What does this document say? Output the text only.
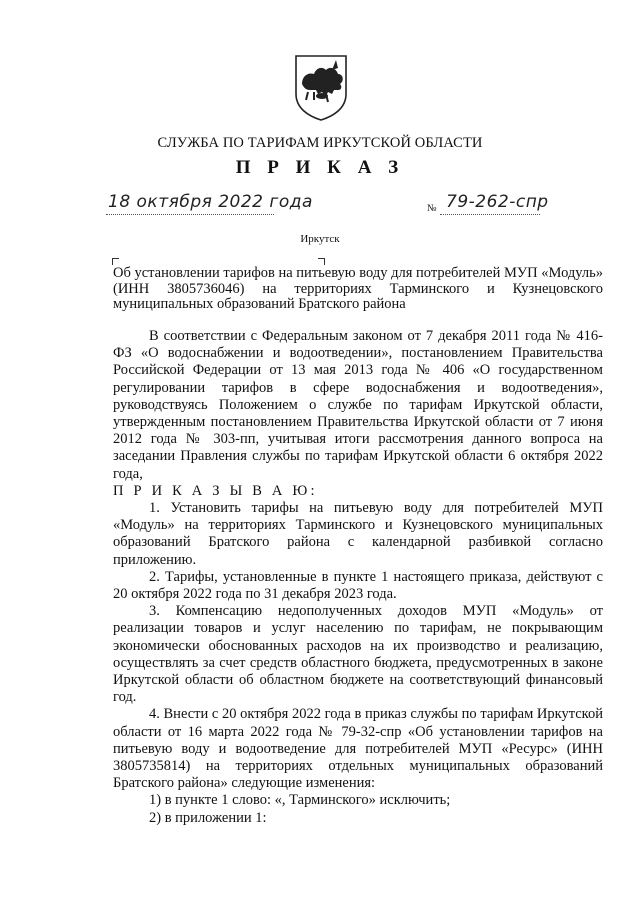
СЛУЖБА ПО ТАРИФАМ ИРКУТСКОЙ ОБЛАСТИ
П Р И К А З
18 октября 2022 года	№ 79-262-спр
Иркутск
Об установлении тарифов на питьевую воду для потребителей МУП «Модуль» (ИНН 3805736046) на территориях Тарминского и Кузнецовского муниципальных образований Братского района

В соответствии с Федеральным законом от 7 декабря 2011 года № 416-ФЗ «О водоснабжении и водоотведении», постановлением Правительства Российской Федерации от 13 мая 2013 года № 406 «О государственном регулировании тарифов в сфере водоснабжения и водоотведения», руководствуясь Положением о службе по тарифам Иркутской области, утвержденным постановлением Правительства Иркутской области от 7 июня 2012 года № 303-пп, учитывая итоги рассмотрения данного вопроса на заседании Правления службы по тарифам Иркутской области 6 октября 2022 года,

П Р И К А З Ы В А Ю:

1. Установить тарифы на питьевую воду для потребителей МУП «Модуль» на территориях Тарминского и Кузнецовского муниципальных образований Братского района с календарной разбивкой согласно приложению.

2. Тарифы, установленные в пункте 1 настоящего приказа, действуют с 20 октября 2022 года по 31 декабря 2023 года.

3. Компенсацию недополученных доходов МУП «Модуль» от реализации товаров и услуг населению по тарифам, не покрывающим экономически обоснованных расходов на их производство и реализацию, осуществлять за счет средств областного бюджета, предусмотренных в законе Иркутской области об областном бюджете на соответствующий финансовый год.

4. Внести с 20 октября 2022 года в приказ службы по тарифам Иркутской области от 16 марта 2022 года № 79-32-спр «Об установлении тарифов на питьевую воду и водоотведение для потребителей МУП «Ресурс» (ИНН 3805735814) на территориях отдельных муниципальных образований Братского района» следующие изменения:

1) в пункте 1 слово: «, Тарминского» исключить;

2) в приложении 1:
